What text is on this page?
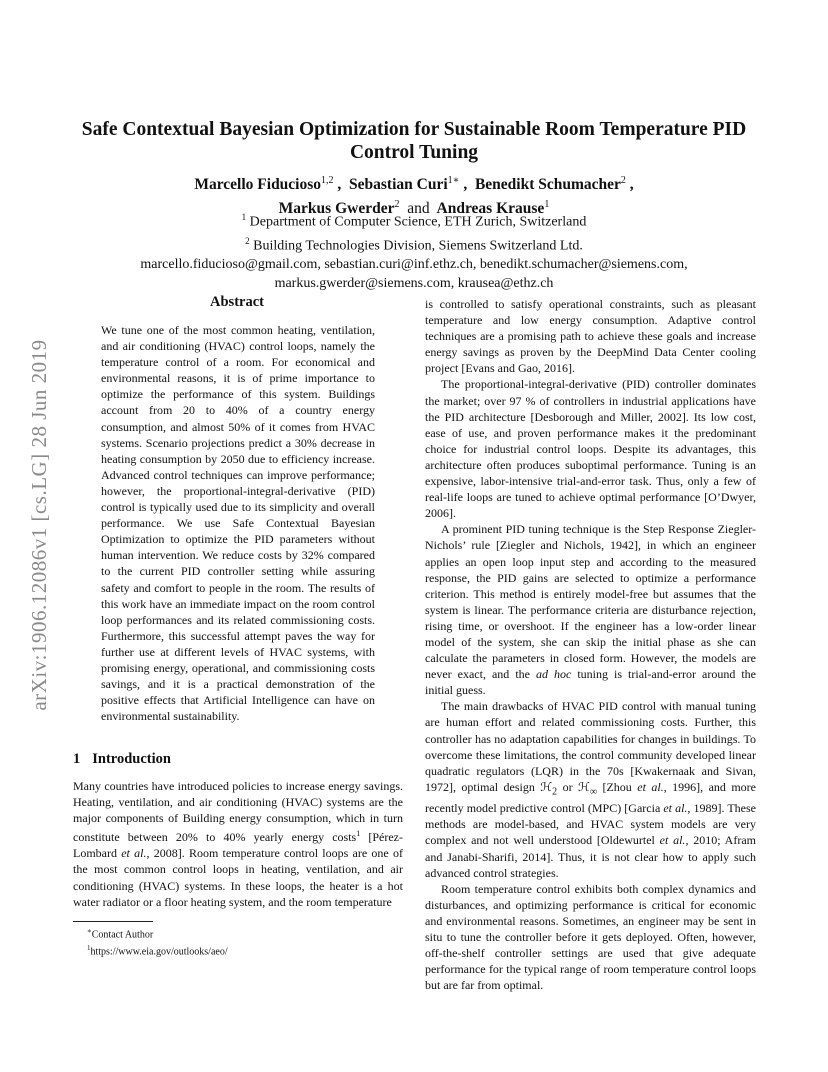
arXiv:1906.12086v1 [cs.LG] 28 Jun 2019
Safe Contextual Bayesian Optimization for Sustainable Room Temperature PID
Control Tuning
Marcello Fiducioso$^{1,2}$ ,  Sebastian Curi$^{1∗}$ ,  Benedikt Schumacher$^2$ ,
Markus Gwerder$^2$ and Andreas Krause$^1$
$^1$ Department of Computer Science, ETH Zurich, Switzerland
$^2$ Building Technologies Division, Siemens Switzerland Ltd.
marcello.fiducioso@gmail.com, sebastian.curi@inf.ethz.ch, benedikt.schumacher@siemens.com,
markus.gwerder@siemens.com, krausea@ethz.ch
Abstract
We tune one of the most common heating, ventilation, and air conditioning (HVAC) control loops, namely the temperature control of a room. For economical and environmental reasons, it is of prime importance to optimize the performance of this system. Buildings account from 20 to 40% of a country energy consumption, and almost 50% of it comes from HVAC systems. Scenario projections predict a 30% decrease in heating consumption by 2050 due to efficiency increase. Advanced control techniques can improve performance; however, the proportional-integral-derivative (PID) control is typically used due to its simplicity and overall performance. We use Safe Contextual Bayesian Optimization to optimize the PID parameters without human intervention. We reduce costs by 32% compared to the current PID controller setting while assuring safety and comfort to people in the room. The results of this work have an immediate impact on the room control loop performances and its related commissioning costs. Furthermore, this successful attempt paves the way for further use at different levels of HVAC systems, with promising energy, operational, and commissioning costs savings, and it is a practical demonstration of the positive effects that Artificial Intelligence can have on environmental sustainability.
1 Introduction

Many countries have introduced policies to increase energy savings. Heating, ventilation, and air conditioning (HVAC) systems are the major components of Building energy consumption, which in turn constitute between 20% to 40% yearly energy costs$^1$ [Pérez-Lombard et al., 2008]. Room temperature control loops are one of the most common control loops in heating, ventilation, and air conditioning (HVAC) systems. In these loops, the heater is a hot water radiator or a floor heating system, and the room temperature

∗Contact Author
$^1$https://www.eia.gov/outlooks/aeo/

is controlled to satisfy operational constraints, such as pleasant temperature and low energy consumption. Adaptive control techniques are a promising path to achieve these goals and increase energy savings as proven by the DeepMind Data Center cooling project [Evans and Gao, 2016].

The proportional-integral-derivative (PID) controller dominates the market; over 97 % of controllers in industrial applications have the PID architecture [Desborough and Miller, 2002]. Its low cost, ease of use, and proven performance makes it the predominant choice for industrial control loops. Despite its advantages, this architecture often produces suboptimal performance. Tuning is an expensive, labor-intensive trial-and-error task. Thus, only a few of real-life loops are tuned to achieve optimal performance [O’Dwyer, 2006].

A prominent PID tuning technique is the Step Response Ziegler-Nichols’ rule [Ziegler and Nichols, 1942], in which an engineer applies an open loop input step and according to the measured response, the PID gains are selected to optimize a performance criterion. This method is entirely model-free but assumes that the system is linear. The performance criteria are disturbance rejection, rising time, or overshoot. If the engineer has a low-order linear model of the system, she can skip the initial phase as she can calculate the parameters in closed form. However, the models are never exact, and the ad hoc tuning is trial-and-error around the initial guess.

The main drawbacks of HVAC PID control with manual tuning are human effort and related commissioning costs. Further, this controller has no adaptation capabilities for changes in buildings. To overcome these limitations, the control community developed linear quadratic regulators (LQR) in the 70s [Kwakernaak and Sivan, 1972], optimal design ℋ$_2$ or ℋ$_\infty$ [Zhou et al., 1996], and more recently model predictive control (MPC) [Garcia et al., 1989]. These methods are model-based, and HVAC system models are very complex and not well understood [Oldewurtel et al., 2010; Afram and Janabi-Sharifi, 2014]. Thus, it is not clear how to apply such advanced control strategies.

Room temperature control exhibits both complex dynamics and disturbances, and optimizing performance is critical for economic and environmental reasons. Sometimes, an engineer may be sent in situ to tune the controller before it gets deployed. Often, however, off-the-shelf controller settings are used that give adequate performance for the typical range of room temperature control loops but are far from optimal.
